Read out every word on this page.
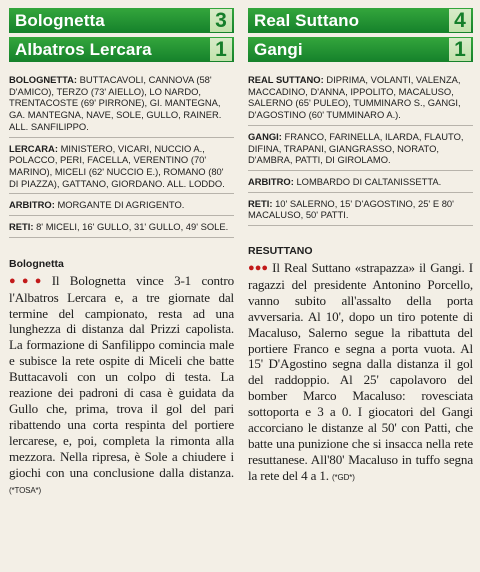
Bolognetta	3
Albatros Lercara	1

BOLOGNETTA: BUTTACAVOLI, CANNOVA (58' D'AMICO), TERZO (73' AIELLO), LO NARDO, TRENTACOSTE (69' PIRRONE), GI. MANTEGNA, GA. MANTEGNA, NAVE, SOLE, GULLO, RAINER. ALL. SANFILIPPO.

LERCARA: MINISTERO, VICARI, NUCCIO A., POLACCO, PERI, FACELLA, VERENTINO (70' MARINO), MICELI (62' NUCCIO E.), ROMANO (80' DI PIAZZA), GATTANO, GIORDANO. ALL. LODDO.

ARBITRO: MORGANTE DI AGRIGENTO.

RETI: 8' MICELI, 16' GULLO, 31' GULLO, 49' SOLE.

Bolognetta

●●● Il Bolognetta vince 3-1 contro l'Albatros Lercara e, a tre giornate dal termine del campionato, resta ad una lunghezza di distanza dal Prizzi capolista. La formazione di Sanfilippo comincia male e subisce la rete ospite di Miceli che batte Buttacavoli con un colpo di testa. La reazione dei padroni di casa è guidata da Gullo che, prima, trova il gol del pari ribattendo una corta respinta del portiere lercarese, e, poi, completa la rimonta alla mezzora. Nella ripresa, è Sole a chiudere i giochi con una conclusione dalla distanza. (*TOSA*)

Real Suttano	4
Gangi	1

REAL SUTTANO: DIPRIMA, VOLANTI, VALENZA, MACCADINO, D'ANNA, IPPOLITO, MACALUSO, SALERNO (65' PULEO), TUMMINARO S., GANGI, D'AGOSTINO (60' TUMMINARO A.).

GANGI: FRANCO, FARINELLA, ILARDA, FLAUTO, DIFINA, TRAPANI, GIANGRASSO, NORATO, D'AMBRA, PATTI, DI GIROLAMO.

ARBITRO: LOMBARDO DI CALTANISSETTA.

RETI: 10' SALERNO, 15' D'AGOSTINO, 25' E 80' MACALUSO, 50' PATTI.

RESUTTANO

●●● Il Real Suttano «strapazza» il Gangi. I ragazzi del presidente Antonino Porcello, vanno subito all'assalto della porta avversaria. Al 10', dopo un tiro potente di Macaluso, Salerno segue la ribattuta del portiere Franco e segna a porta vuota. Al 15' D'Agostino segna dalla distanza il gol del raddoppio. Al 25' capolavoro del bomber Marco Macaluso: rovesciata sottoporta e 3 a 0. I giocatori del Gangi accorciano le distanze al 50' con Patti, che batte una punizione che si insacca nella rete resuttanese. All'80' Macaluso in tuffo segna la rete del 4 a 1. (*GD*)
